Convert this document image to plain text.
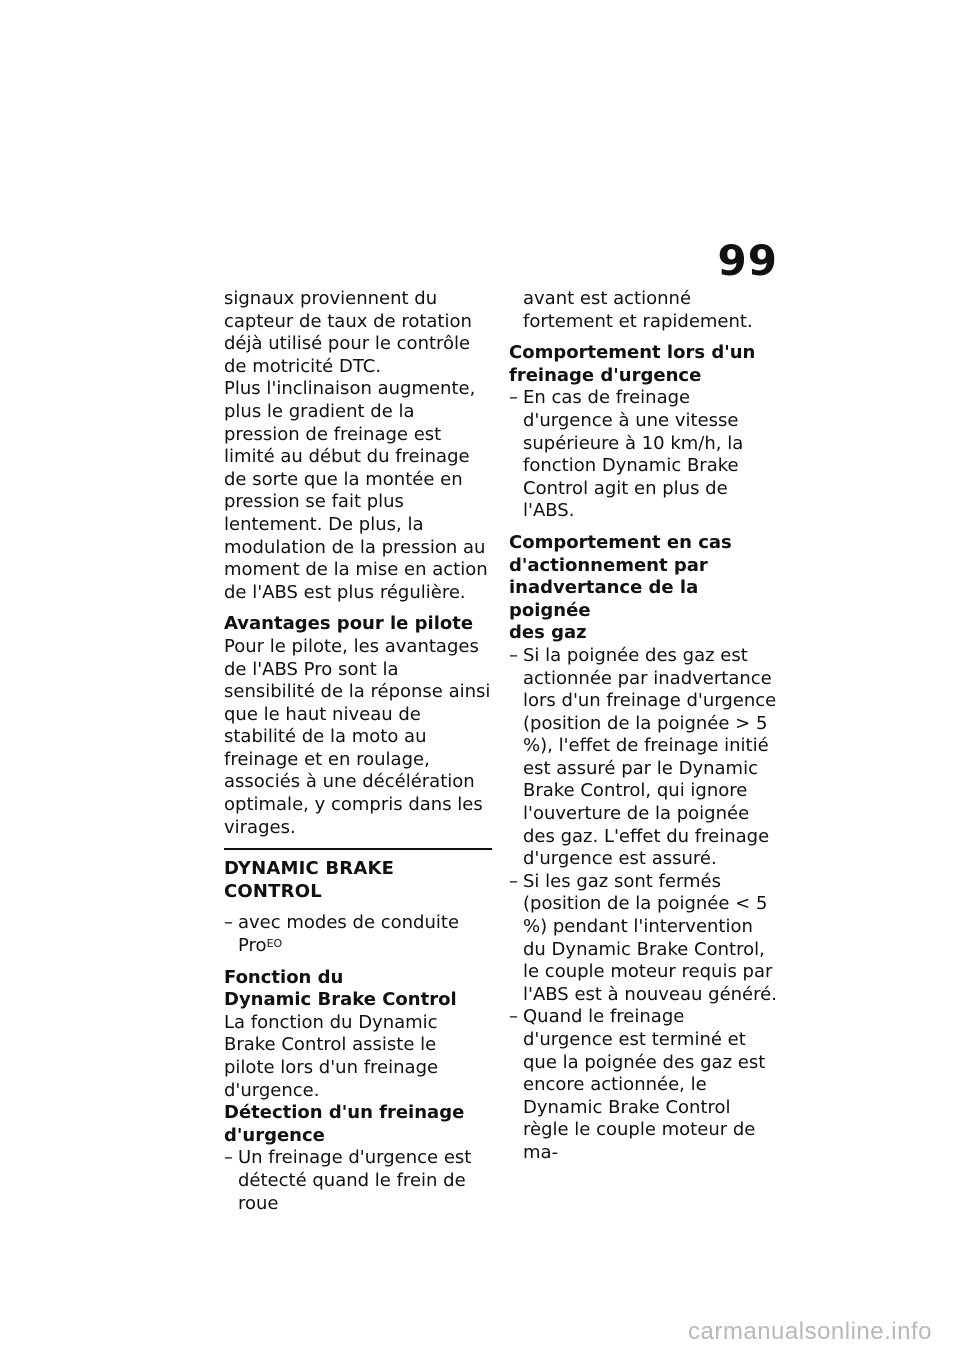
99

signaux proviennent du capteur de taux de rotation déjà utilisé pour le contrôle de motricité DTC.

Plus l'inclinaison augmente, plus le gradient de la pression de freinage est limité au début du freinage de sorte que la montée en pression se fait plus lentement. De plus, la modulation de la pression au moment de la mise en action de l'ABS est plus régulière.

Avantages pour le pilote

Pour le pilote, les avantages de l'ABS Pro sont la sensibilité de la réponse ainsi que le haut niveau de stabilité de la moto au freinage et en roulage, associés à une décélération optimale, y compris dans les virages.

DYNAMIC BRAKE CONTROL
– avec modes de conduite Pro$^{EO}$

Fonction du

Dynamic Brake Control

La fonction du Dynamic Brake Control assiste le pilote lors d'un freinage d'urgence.

Détection d'un freinage

d'urgence

– Un freinage d'urgence est détecté quand le frein de roue

avant est actionné fortement et rapidement.

Comportement lors d'un

freinage d'urgence

– En cas de freinage d'urgence à une vitesse supérieure à 10 km/h, la fonction Dynamic Brake Control agit en plus de l'ABS.

Comportement en cas

d'actionnement par

inadvertance de la poignée

des gaz

– Si la poignée des gaz est actionnée par inadvertance lors d'un freinage d'urgence (position de la poignée > 5 %), l'effet de freinage initié est assuré par le Dynamic Brake Control, qui ignore l'ouverture de la poignée des gaz. L'effet du freinage d'urgence est assuré.
– Si les gaz sont fermés (position de la poignée < 5 %) pendant l'intervention du Dynamic Brake Control, le couple moteur requis par l'ABS est à nouveau généré.
– Quand le freinage d'urgence est terminé et que la poignée des gaz est encore actionnée, le Dynamic Brake Control règle le couple moteur de ma-
carmanualsonline.info
